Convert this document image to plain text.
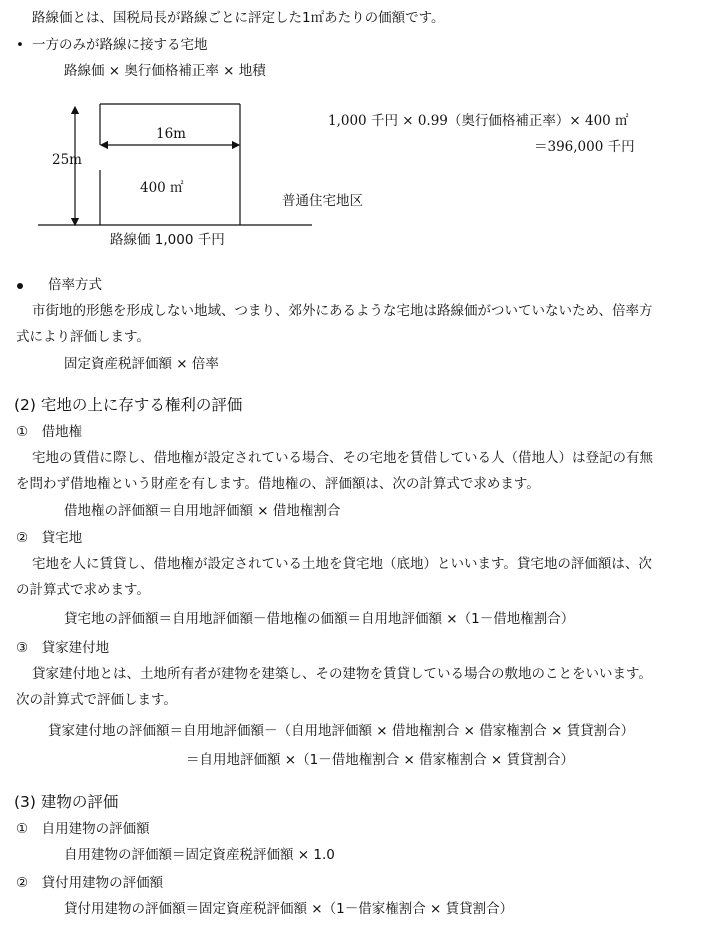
路線価とは、国税局長が路線ごとに評定した1㎡あたりの価額です。
• 一方のみが路線に接する宅地
路線価 × 奥行価格補正率 × 地積
25m
16m
400 ㎡
普通住宅地区
路線価 1,000 千円
1,000 千円 × 0.99（奥行価格補正率）× 400 ㎡
＝396,000 千円
倍率方式
市街地的形態を形成しない地域、つまり、郊外にあるような宅地は路線価がついていないため、倍率方
式により評価します。
固定資産税評価額 × 倍率
(2) 宅地の上に存する権利の評価
①　借地権
宅地の賃借に際し、借地権が設定されている場合、その宅地を賃借している人（借地人）は登記の有無
を問わず借地権という財産を有します。借地権の、評価額は、次の計算式で求めます。
借地権の評価額＝自用地評価額 × 借地権割合
②　貸宅地
宅地を人に賃貸し、借地権が設定されている土地を貸宅地（底地）といいます。貸宅地の評価額は、次
の計算式で求めます。
貸宅地の評価額＝自用地評価額－借地権の価額＝自用地評価額 ×（1－借地権割合）
③　貸家建付地
貸家建付地とは、土地所有者が建物を建築し、その建物を賃貸している場合の敷地のことをいいます。
次の計算式で評価します。
貸家建付地の評価額＝自用地評価額－（自用地評価額 × 借地権割合 × 借家権割合 × 賃貸割合）
＝自用地評価額 ×（1－借地権割合 × 借家権割合 × 賃貸割合）
(3) 建物の評価
①　自用建物の評価額
自用建物の評価額＝固定資産税評価額 × 1.0
②　貸付用建物の評価額
貸付用建物の評価額＝固定資産税評価額 ×（1－借家権割合 × 賃貸割合）
